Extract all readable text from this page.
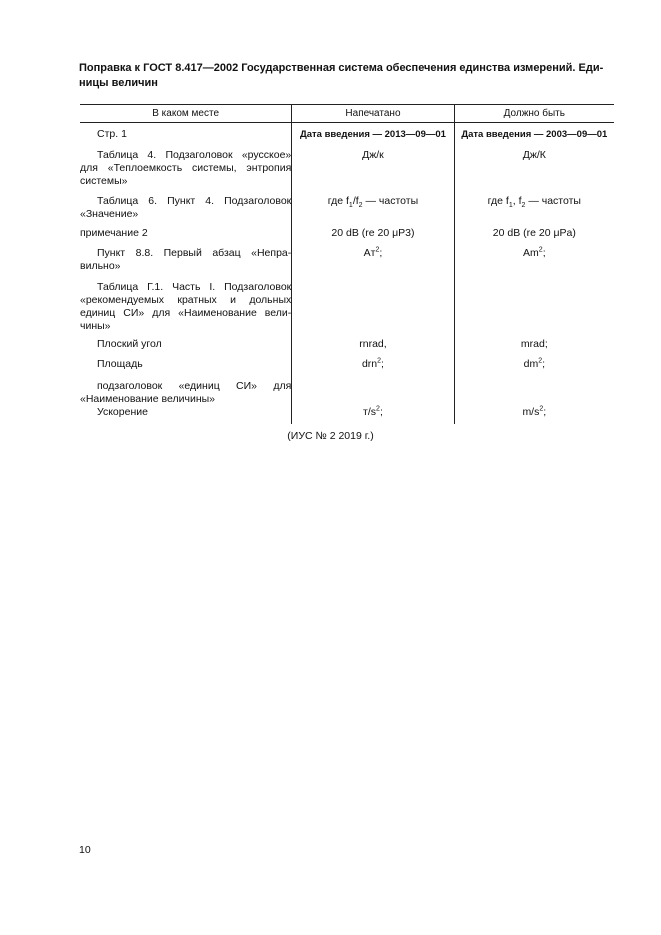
Поправка к ГОСТ 8.417—2002 Государственная система обеспечения единства измерений. Еди-
ницы величин
В каком месте	Напечатано	Должно быть

Стр. 1	Дата введения — 2013—09—01	Дата введения — 2003—09—01

Таблица 4. Подзаголовок «русское» для «Теплоемкость системы, энтропия системы»	Дж/к	Дж/К

Таблица 6. Пункт 4. Подзаголовок «Значение»	где $f_1/f_2$ — частоты	где $f_1$, $f_2$ — частоты
примечание 2	20 dB (re 20 μP3)	20 dB (re 20 μPa)

Пункт 8.8. Первый абзац «Непра-вильно»	$Aт^2$;	Am$^2$;

Таблица Г.1. Часть I. Подзаголовок «рекомендуемых кратных и дольных единиц СИ» для «Наименование вели-чины»		

Плоский угол	rnrad,	mrad;

Площадь	drn$^2$;	$dm^2$;

подзаголовок «единиц СИ» для «Наименование величины»		

Ускорение	$т/s^2$;	$m/s^2$;
(ИУС № 2 2019 г.)
10
